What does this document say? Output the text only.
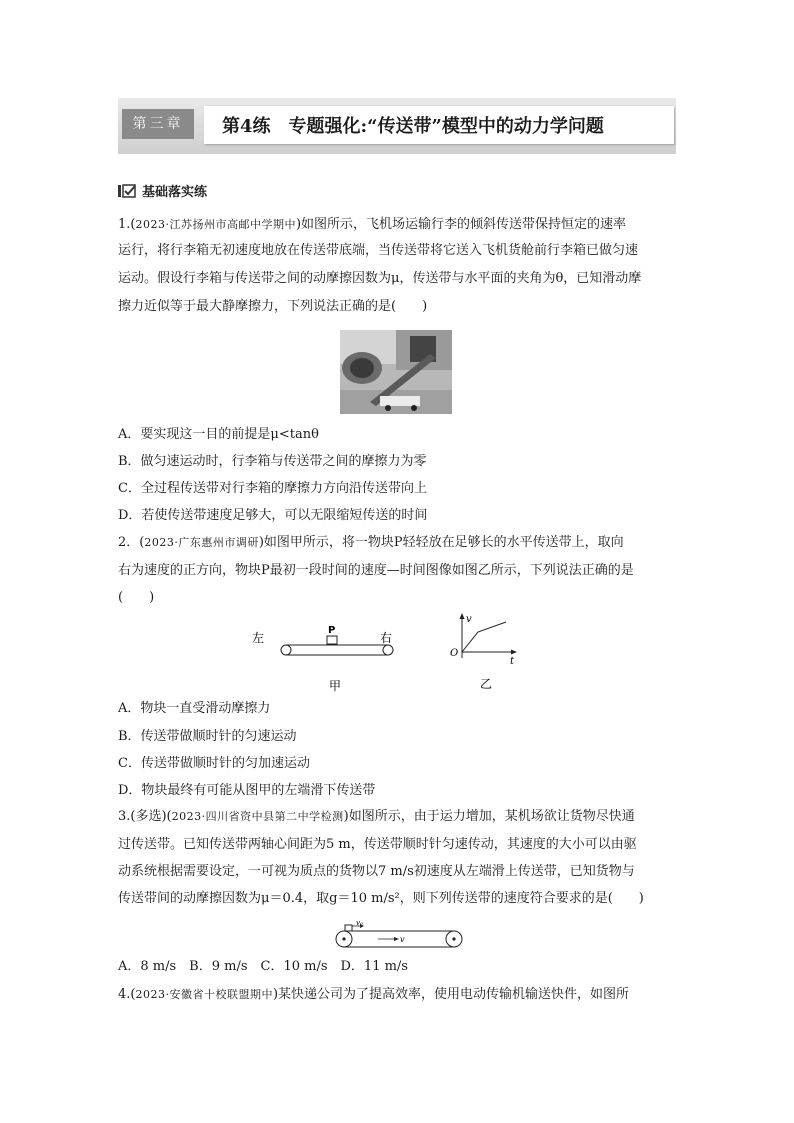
第三章	第4练　专题强化:“传送带”模型中的动力学问题
基础落实练
1.(2023·江苏扬州市高邮中学期中)如图所示，飞机场运输行李的倾斜传送带保持恒定的速率
运行，将行李箱无初速度地放在传送带底端，当传送带将它送入飞机货舱前行李箱已做匀速
运动。假设行李箱与传送带之间的动摩擦因数为μ，传送带与水平面的夹角为θ，已知滑动摩
擦力近似等于最大静摩擦力，下列说法正确的是(　　)
A．要实现这一目的前提是μ<tanθ
B．做匀速运动时，行李箱与传送带之间的摩擦力为零
C．全过程传送带对行李箱的摩擦力方向沿传送带向上
D．若使传送带速度足够大，可以无限缩短传送的时间
2．(2023·广东惠州市调研)如图甲所示，将一物块P轻轻放在足够长的水平传送带上，取向
右为速度的正方向，物块P最初一段时间的速度—时间图像如图乙所示，下列说法正确的是
(　　)
左	右
P
甲
v
t
O
乙
A．物块一直受滑动摩擦力
B．传送带做顺时针的匀速运动
C．传送带做顺时针的匀加速运动
D．物块最终有可能从图甲的左端滑下传送带
3.(多选)(2023·四川省资中县第二中学检测)如图所示，由于运力增加，某机场欲让货物尽快通
过传送带。已知传送带两轴心间距为5 m，传送带顺时针匀速传动，其速度的大小可以由驱
动系统根据需要设定，一可视为质点的货物以7 m/s初速度从左端滑上传送带，已知货物与
传送带间的动摩擦因数为μ＝0.4，取g＝10 m/s²，则下列传送带的速度符合要求的是(　　)
v₀
v
A．8 m/s　B．9 m/s　C．10 m/s　D．11 m/s
4.(2023·安徽省十校联盟期中)某快递公司为了提高效率，使用电动传输机输送快件，如图所
